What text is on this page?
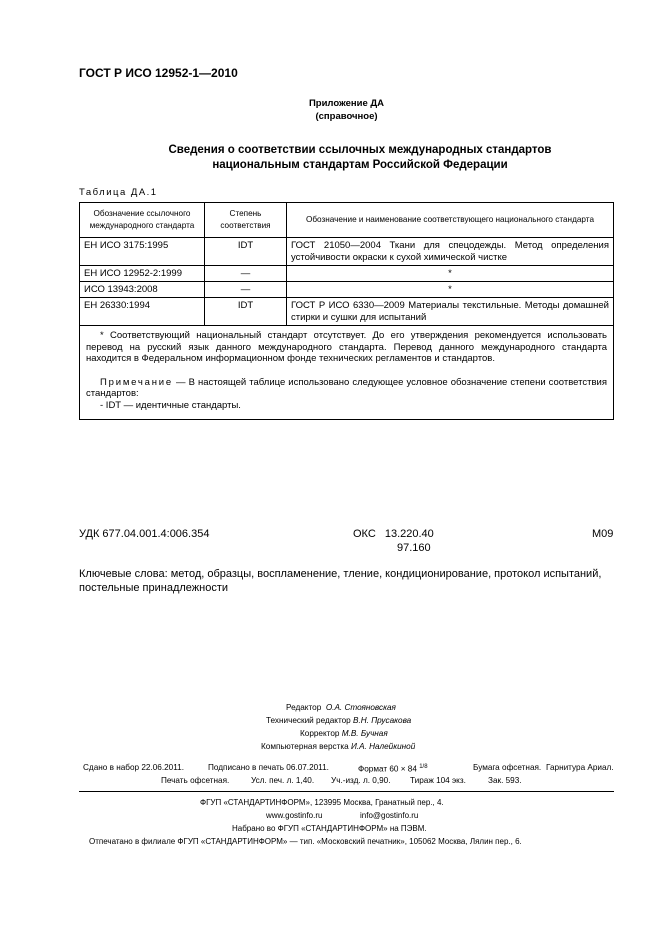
ГОСТ Р ИСО 12952-1—2010
Приложение ДА
(справочное)
Сведения о соответствии ссылочных международных стандартов
национальным стандартам Российской Федерации
Таблица ДА.1
Обозначение ссылочного международного стандарта	Степень соответствия	Обозначение и наименование соответствующего национального стандарта
ЕН ИСО 3175:1995	IDT	ГОСТ 21050—2004 Ткани для спецодежды. Метод определения устойчивости окраски к сухой химической чистке
ЕН ИСО 12952-2:1999	—	*
ИСО 13943:2008	—	*
ЕН 26330:1994	IDT	ГОСТ Р ИСО 6330—2009 Материалы текстильные. Методы домашней стирки и сушки для испытаний

* Соответствующий национальный стандарт отсутствует. До его утверждения рекомендуется использовать перевод на русский язык данного международного стандарта. Перевод данного международного стандарта находится в Федеральном информационном фонде технических регламентов и стандартов.

Примечание — В настоящей таблице использовано следующее условное обозначение степени соответствия стандартов:

- IDT — идентичные стандарты.		

УДК 677.04.001.4:006.354	ОКС 13.220.40
97.160
М09
Ключевые слова: метод, образцы, воспламенение, тление, кондиционирование, протокол испытаний, постельные принадлежности
Редактор О.А. Стояновская
Технический редактор В.Н. Прусакова
Корректор М.В. Бучная
Компьютерная верстка И.А. Налейкиной
Сдано в набор 22.06.2011.	Подписано в печать 06.07.2011.	Формат 60 × 84 $^{1/8}$	Бумага офсетная. Гарнитура Ариал.
Печать офсетная.	Усл. печ. л. 1,40. Уч.-изд. л. 0,90. Тираж 104 экз.	Зак. 593.
ФГУП «СТАНДАРТИНФОРМ», 123995 Москва, Гранатный пер., 4.
www.gostinfo.ru	info@gostinfo.ru
Набрано во ФГУП «СТАНДАРТИНФОРМ» на ПЭВМ.
Отпечатано в филиале ФГУП «СТАНДАРТИНФОРМ» — тип. «Московский печатник», 105062 Москва, Лялин пер., 6.
